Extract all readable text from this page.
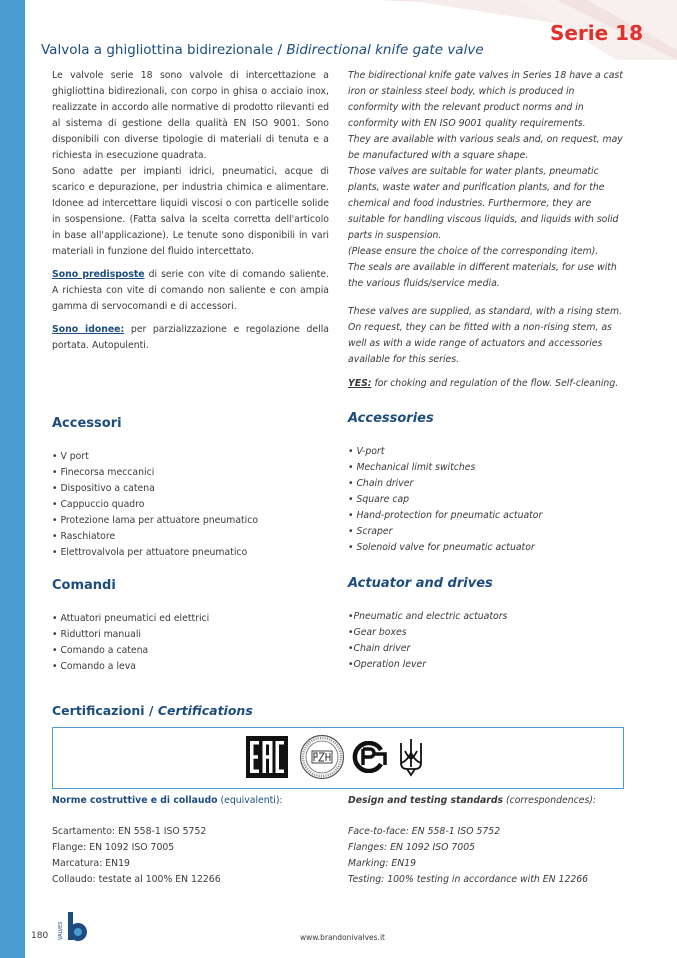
Serie 18
Valvola a ghigliottina bidirezionale / Bidirectional knife gate valve

Le valvole serie 18 sono valvole di intercettazione a ghigliottina bidirezionali, con corpo in ghisa o acciaio inox, realizzate in accordo alle normative di prodotto rilevanti ed al sistema di gestione della qualità EN ISO 9001. Sono disponibili con diverse tipologie di materiali di tenuta e a richiesta in esecuzione quadrata.

Sono adatte per impianti idrici, pneumatici, acque di scarico e depurazione, per industria chimica e alimentare. Idonee ad intercettare liquidi viscosi o con particelle solide in sospensione. (Fatta salva la scelta corretta dell'articolo in base all'applicazione). Le tenute sono disponibili in vari materiali in funzione del fluido intercettato.

Sono predisposte di serie con vite di comando saliente. A richiesta con vite di comando non saliente e con ampia gamma di servocomandi e di accessori.

Sono idonee: per parzializzazione e regolazione della portata. Autopulenti.

The bidirectional knife gate valves in Series 18 have a cast iron or stainless steel body, which is produced in conformity with the relevant product norms and in conformity with EN ISO 9001 quality requirements.

They are available with various seals and, on request, may be manufactured with a square shape.

Those valves are suitable for water plants, pneumatic plants, waste water and purification plants, and for the chemical and food industries. Furthermore, they are suitable for handling viscous liquids, and liquids with solid parts in suspension.

(Please ensure the choice of the corresponding item).

The seals are available in different materials, for use with the various fluids/service media.

These valves are supplied, as standard, with a rising stem. On request, they can be fitted with a non-rising stem, as well as with a wide range of actuators and accessories available for this series.

YES: for choking and regulation of the flow. Self-cleaning.

Accessori
• V port
• Finecorsa meccanici
• Dispositivo a catena
• Cappuccio quadro
• Protezione lama per attuatore pneumatico
• Raschiatore
• Elettrovalvola per attuatore pneumatico
Accessories
• V-port
• Mechanical limit switches
• Chain driver
• Square cap
• Hand-protection for pneumatic actuator
• Scraper
• Solenoid valve for pneumatic actuator
Comandi
• Attuatori pneumatici ed elettrici
• Riduttori manuali
• Comando a catena
• Comando a leva
Actuator and drives
•Pneumatic and electric actuators
•Gear boxes
•Chain driver
•Operation lever
Certificazioni / Certifications

Norme costruttive e di collaudo (equivalenti):

Scartamento: EN 558-1 ISO 5752

Flange: EN 1092 ISO 7005

Marcatura: EN19

Collaudo: testate al 100% EN 12266

Design and testing standards (correspondences):

Face-to-face: EN 558-1 ISO 5752

Flanges: EN 1092 ISO 7005

Marking: EN19

Testing: 100% testing in accordance with EN 12266

180 VALVES	www.brandonivalves.it
